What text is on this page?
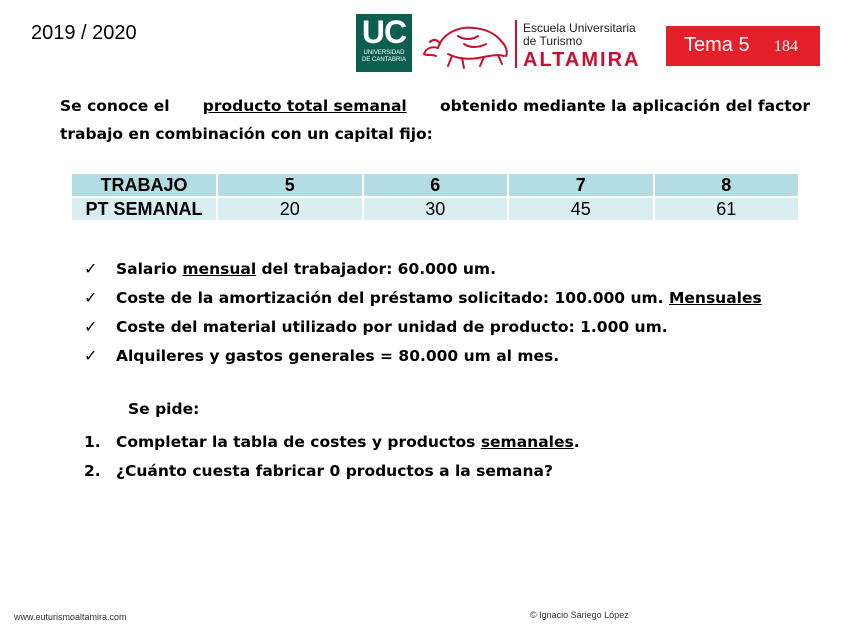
2019 / 2020	UC
UNIVERSIDAD
DE CANTABRIA
Escuela Universitaria
de Turismo
ALTAMIRA
Tema 5 184
Se conoce el producto total semanal obtenido mediante la aplicación del factor
trabajo en combinación con un capital fijo:
TRABAJO	5	6	7	8
PT SEMANAL	20	30	45	61
✓ Salario mensual del trabajador: 60.000 um.
✓ Coste de la amortización del préstamo solicitado: 100.000 um. Mensuales
✓ Coste del material utilizado por unidad de producto: 1.000 um.
✓ Alquileres y gastos generales = 80.000 um al mes.
Se pide:
1. Completar la tabla de costes y productos semanales.
2. ¿Cuánto cuesta fabricar 0 productos a la semana?
www.euturismoaltamira.com	© Ignacio Sariego López
